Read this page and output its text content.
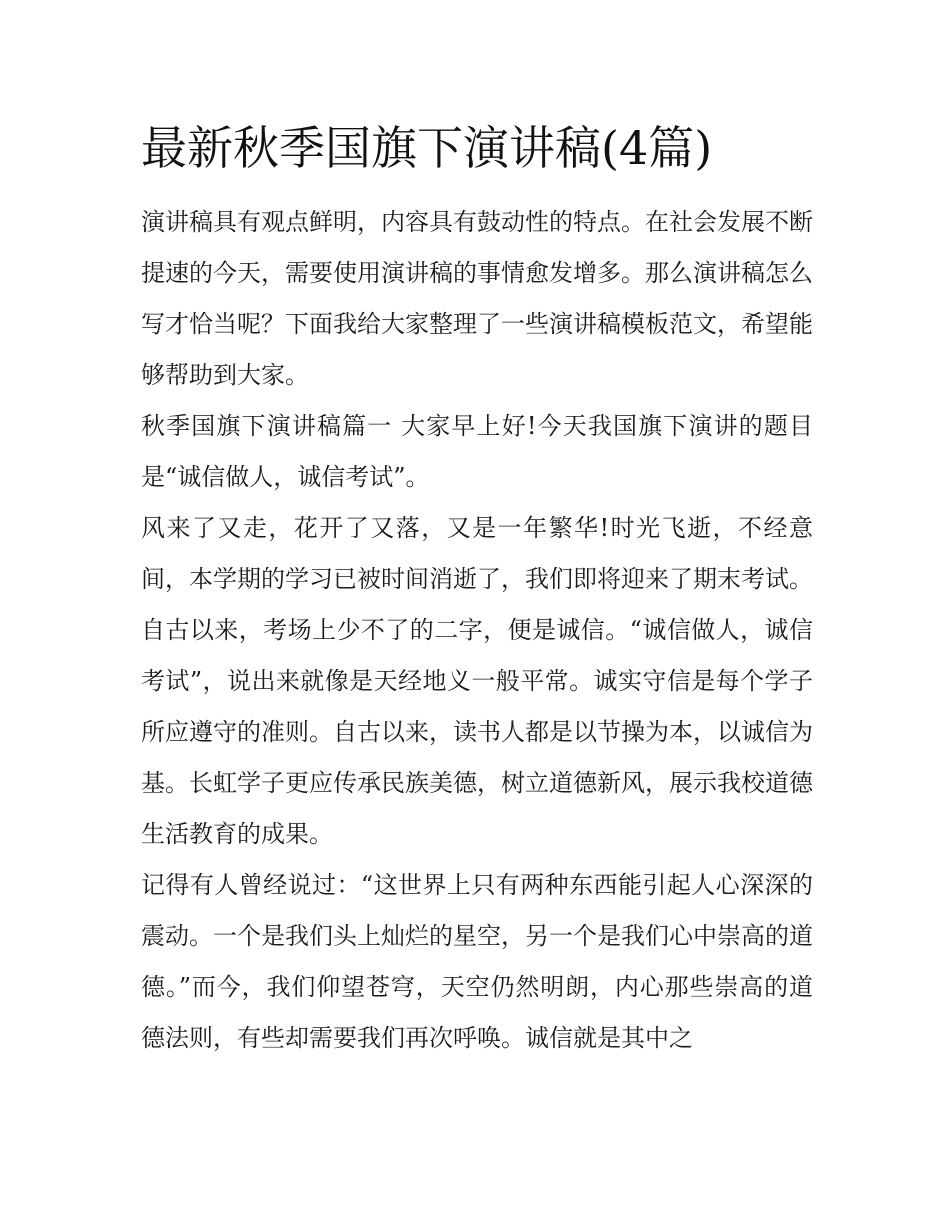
最新秋季国旗下演讲稿(4篇)

演讲稿具有观点鲜明，内容具有鼓动性的特点。在社会发展不断提速的今天，需要使用演讲稿的事情愈发增多。那么演讲稿怎么写才恰当呢？下面我给大家整理了一些演讲稿模板范文，希望能够帮助到大家。

秋季国旗下演讲稿篇一 大家早上好!今天我国旗下演讲的题目是“诚信做人，诚信考试”。

风来了又走，花开了又落，又是一年繁华!时光飞逝，不经意间，本学期的学习已被时间消逝了，我们即将迎来了期末考试。

自古以来，考场上少不了的二字，便是诚信。“诚信做人，诚信考试”，说出来就像是天经地义一般平常。诚实守信是每个学子所应遵守的准则。自古以来，读书人都是以节操为本，以诚信为基。长虹学子更应传承民族美德，树立道德新风，展示我校道德生活教育的成果。

记得有人曾经说过：“这世界上只有两种东西能引起人心深深的震动。一个是我们头上灿烂的星空，另一个是我们心中崇高的道德。”而今，我们仰望苍穹，天空仍然明朗，内心那些崇高的道德法则，有些却需要我们再次呼唤。诚信就是其中之
